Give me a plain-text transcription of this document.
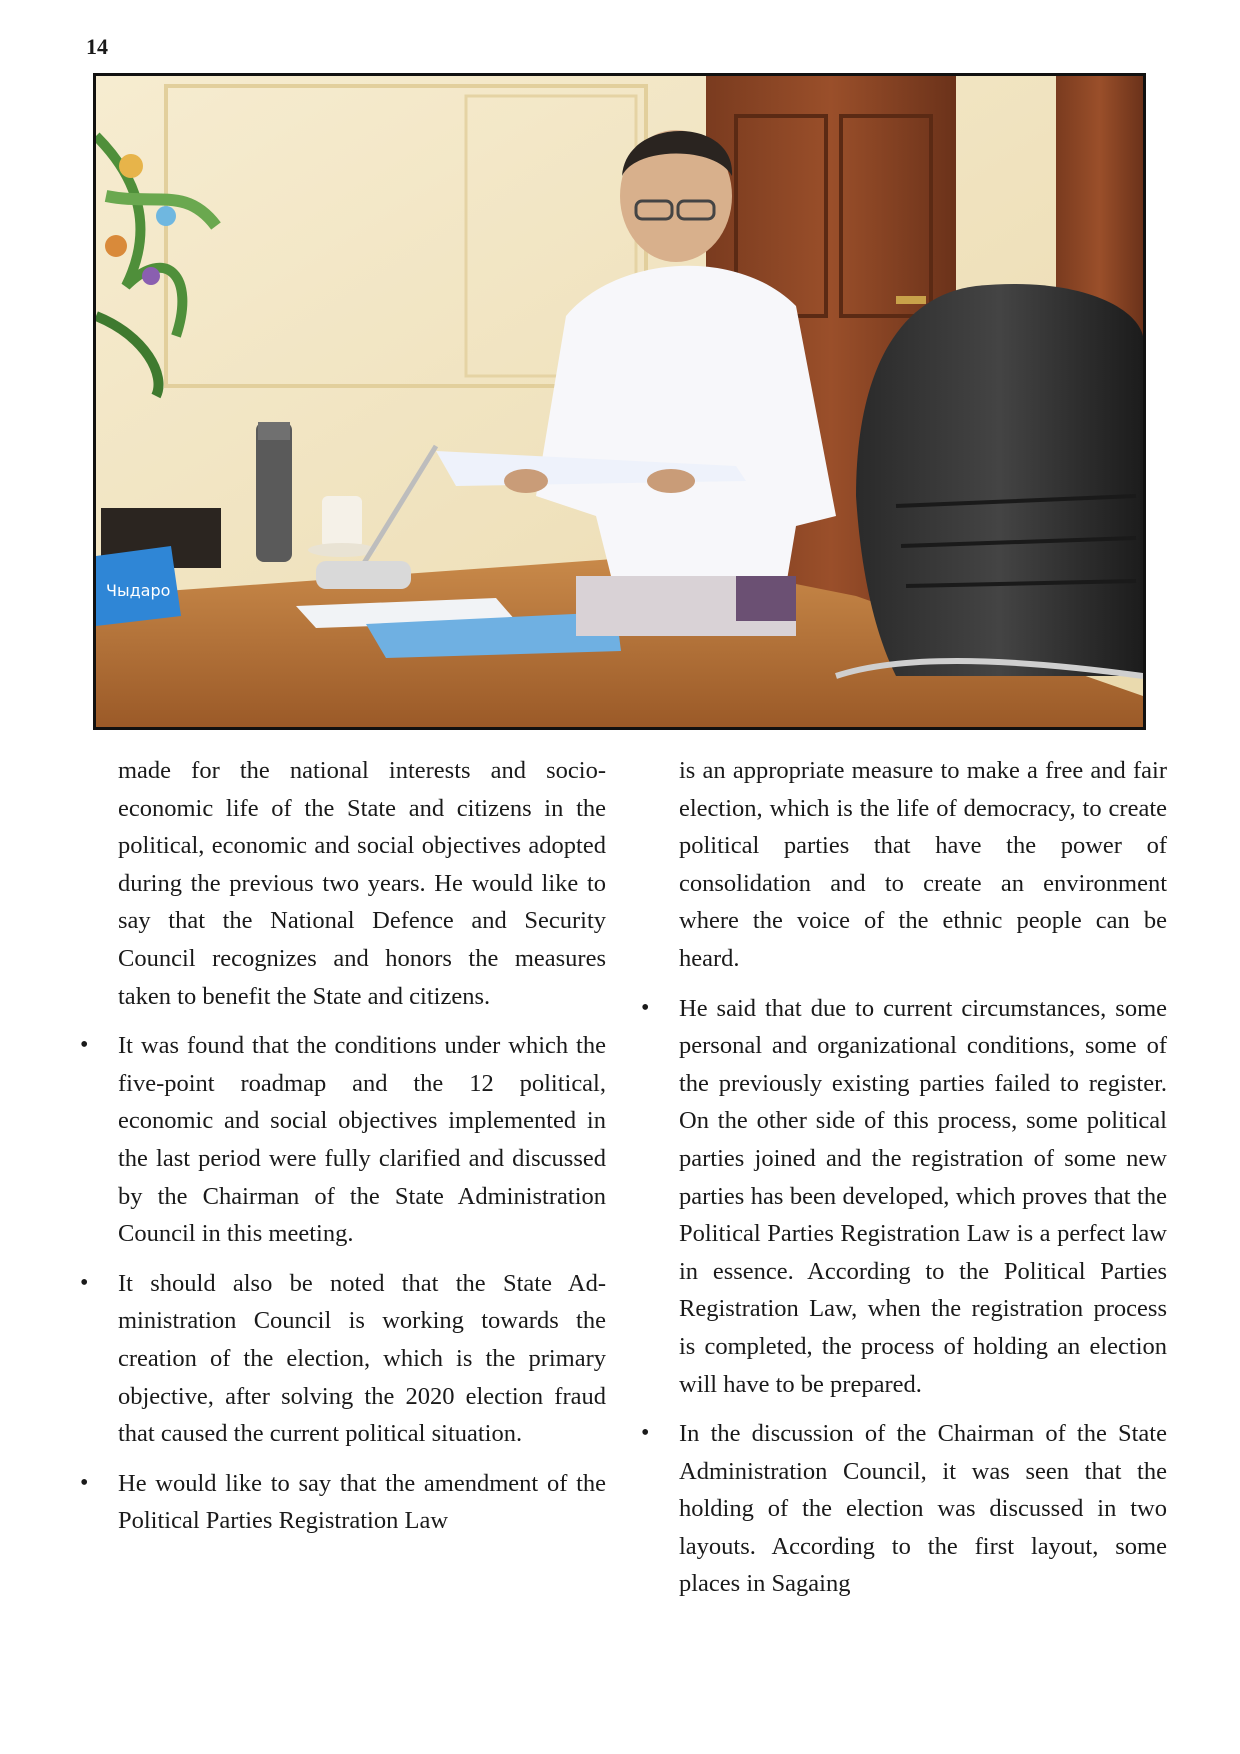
14
Чыдаро

made for the national interests and socio-economic life of the State and citizens in the political, economic and social objectives adopted during the previous two years. He would like to say that the National Defence and Security Council recognizes and honors the measures taken to benefit the State and citizens.

• It was found that the conditions under which the five-point roadmap and the 12 political, economic and social objectives implemented in the last period were fully clarified and discussed by the Chairman of the State Administration Council in this meeting.

• It should also be noted that the State Administration Council is working towards the creation of the election, which is the primary objective, after solving the 2020 election fraud that caused the current political situation.

• He would like to say that the amendment of the Political Parties Registration Law

is an appropriate measure to make a free and fair election, which is the life of democracy, to create political parties that have the power of consolidation and to create an environment where the voice of the ethnic people can be heard.

• He said that due to current circumstances, some personal and organizational conditions, some of the previously existing parties failed to register. On the other side of this process, some political parties joined and the registration of some new parties has been developed, which proves that the Political Parties Registration Law is a perfect law in essence. According to the Political Parties Registration Law, when the registration process is completed, the process of holding an election will have to be prepared.

• In the discussion of the Chairman of the State Administration Council, it was seen that the holding of the election was discussed in two layouts. According to the first layout, some places in Sagaing
